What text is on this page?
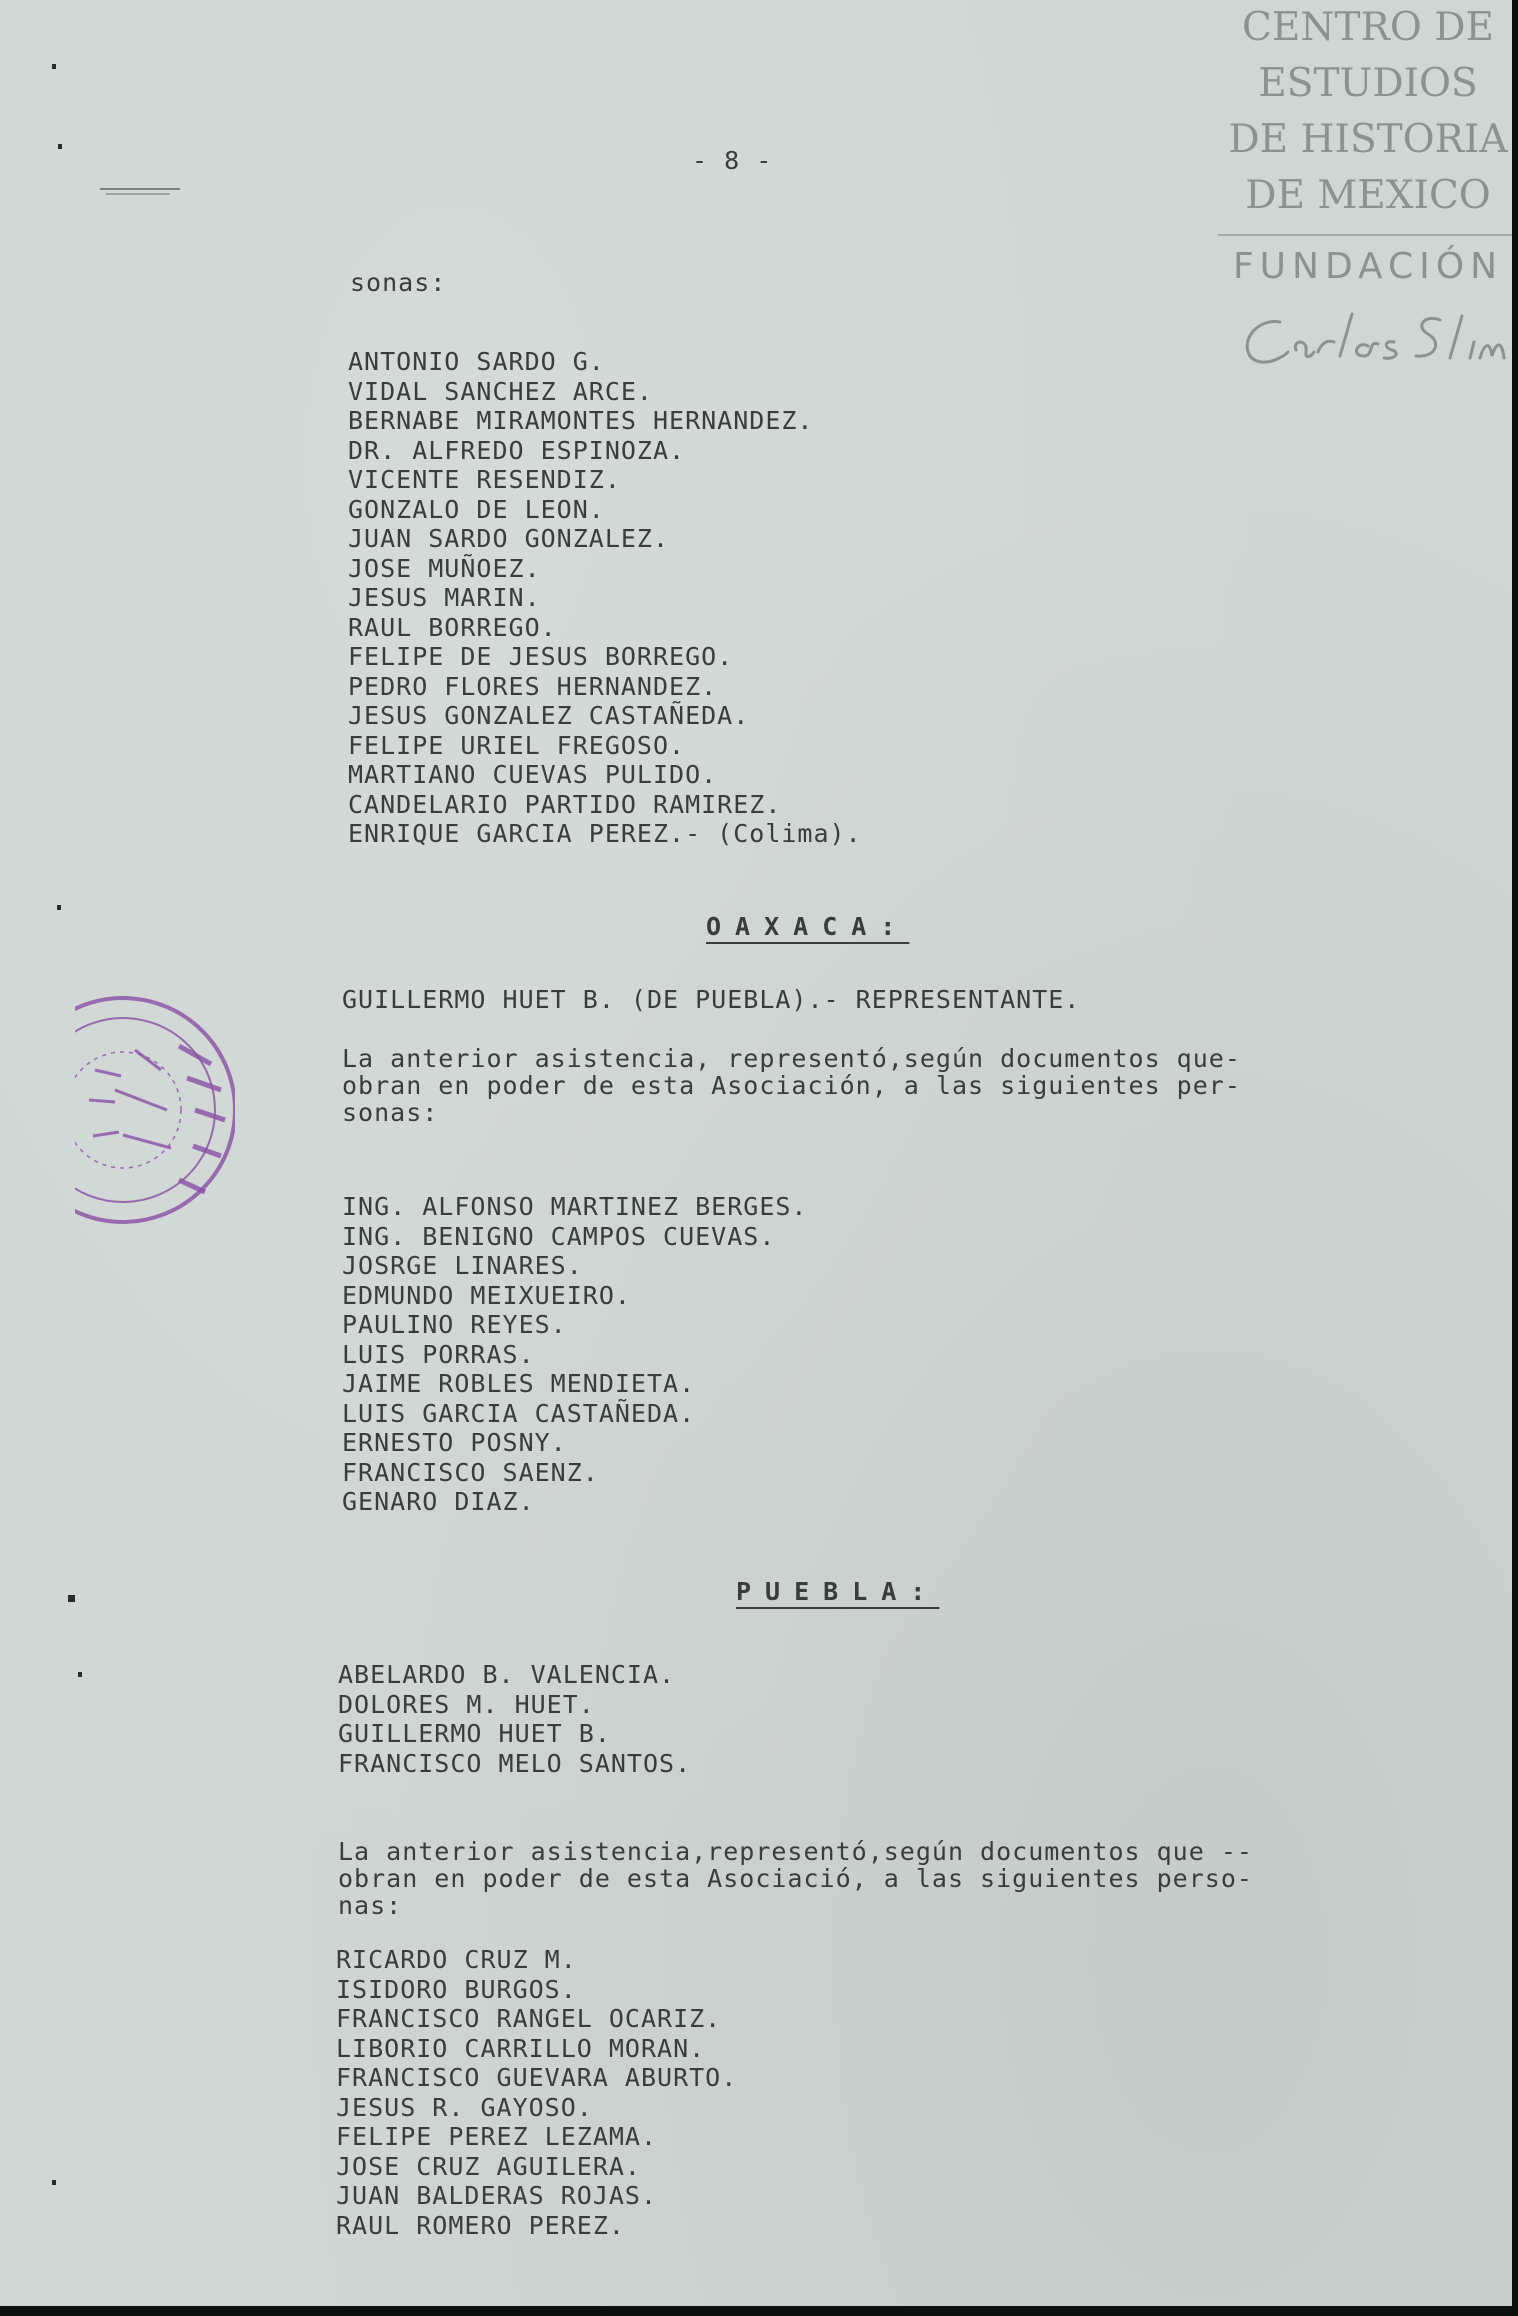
CENTRO DE
ESTUDIOS
DE HISTORIA
DE MEXICO
FUNDACIÓN
- 8 -
sonas:
ANTONIO SARDO G.
VIDAL SANCHEZ ARCE.
BERNABE MIRAMONTES HERNANDEZ.
DR. ALFREDO ESPINOZA.
VICENTE RESENDIZ.
GONZALO DE LEON.
JUAN SARDO GONZALEZ.
JOSE MUÑOEZ.
JESUS MARIN.
RAUL BORREGO.
FELIPE DE JESUS BORREGO.
PEDRO FLORES HERNANDEZ.
JESUS GONZALEZ CASTAÑEDA.
FELIPE URIEL FREGOSO.
MARTIANO CUEVAS PULIDO.
CANDELARIO PARTIDO RAMIREZ.
ENRIQUE GARCIA PEREZ.- (Colima).
OAXACA:
GUILLERMO HUET B. (DE PUEBLA).- REPRESENTANTE.
La anterior asistencia, representó,según documentos que-
obran en poder de esta Asociación, a las siguientes per-
sonas:
ING. ALFONSO MARTINEZ BERGES.
ING. BENIGNO CAMPOS CUEVAS.
JOSRGE LINARES.
EDMUNDO MEIXUEIRO.
PAULINO REYES.
LUIS PORRAS.
JAIME ROBLES MENDIETA.
LUIS GARCIA CASTAÑEDA.
ERNESTO POSNY.
FRANCISCO SAENZ.
GENARO DIAZ.
PUEBLA:
ABELARDO B. VALENCIA.
DOLORES M. HUET.
GUILLERMO HUET B.
FRANCISCO MELO SANTOS.
La anterior asistencia,representó,según documentos que --
obran en poder de esta Asociació, a las siguientes perso-
nas:
RICARDO CRUZ M.
ISIDORO BURGOS.
FRANCISCO RANGEL OCARIZ.
LIBORIO CARRILLO MORAN.
FRANCISCO GUEVARA ABURTO.
JESUS R. GAYOSO.
FELIPE PEREZ LEZAMA.
JOSE CRUZ AGUILERA.
JUAN BALDERAS ROJAS.
RAUL ROMERO PEREZ.
